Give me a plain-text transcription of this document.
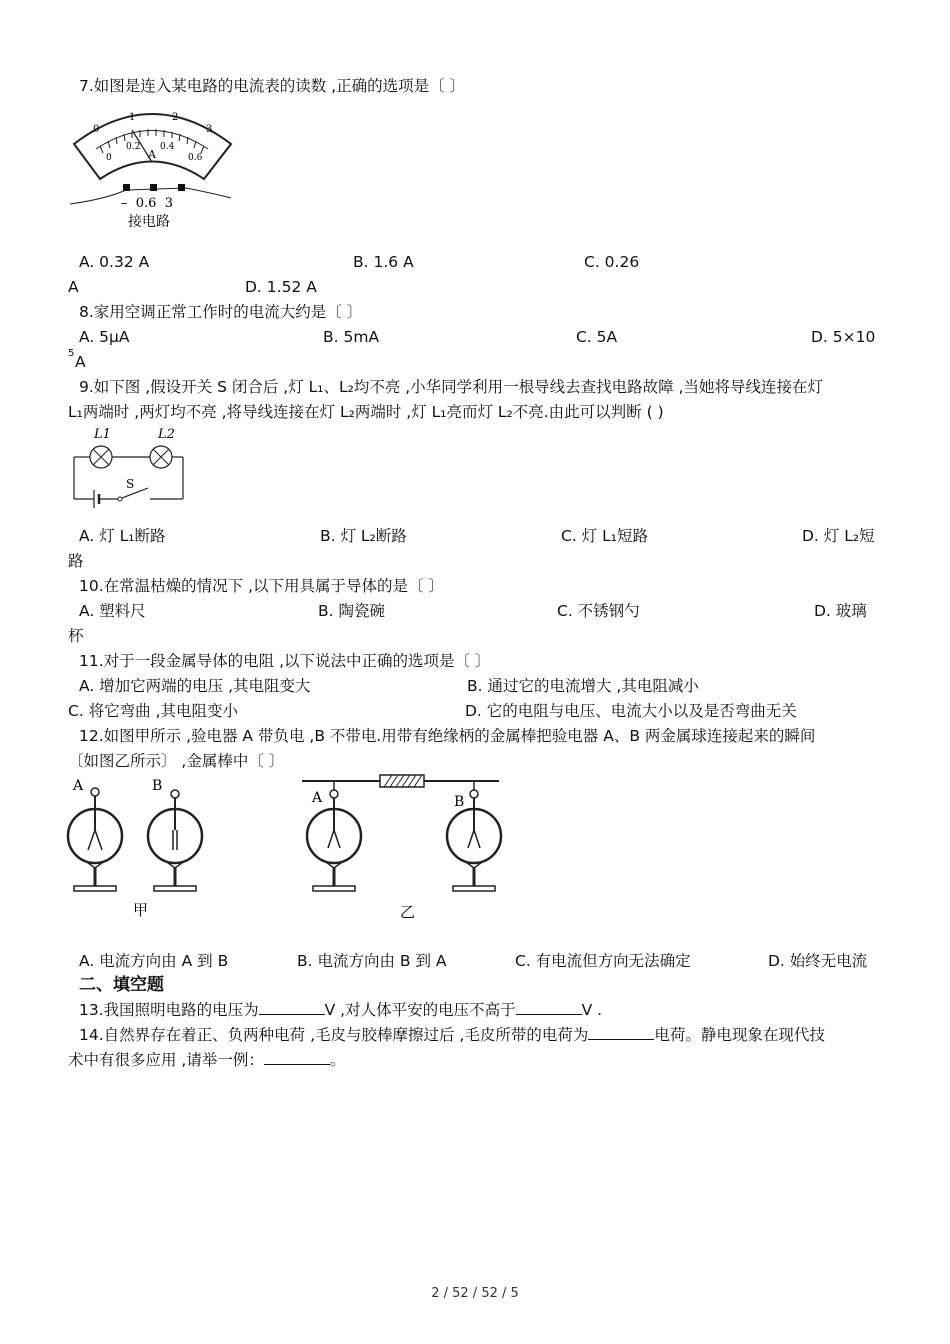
7.如图是连入某电路的电流表的读数 ,正确的选项是〔 〕
0
1	2
3
0
0.2 0.4
0.6
A
–  0.6  3
接电路
A. 0.32 A	B. 1.6 A	C. 0.26
A	D. 1.52 A
8.家用空调正常工作时的电流大约是〔 〕
A. 5μA	B. 5mA	C. 5A	D. 5×10
5 A
9.如下图 ,假设开关 S 闭合后 ,灯 L₁、L₂均不亮 ,小华同学利用一根导线去查找电路故障 ,当她将导线连接在灯
L₁两端时 ,两灯均不亮 ,将导线连接在灯 L₂两端时 ,灯 L₁亮而灯 L₂不亮.由此可以判断 ( )
L1	L2
S
A. 灯 L₁断路	B. 灯 L₂断路	C. 灯 L₁短路	D. 灯 L₂短
路
10.在常温枯燥的情况下 ,以下用具属于导体的是〔 〕
A. 塑料尺	B. 陶瓷碗	C. 不锈钢勺	D. 玻璃
杯
11.对于一段金属导体的电阻 ,以下说法中正确的选项是〔 〕
A. 增加它两端的电压 ,其电阻变大	B. 通过它的电流增大 ,其电阻减小
C. 将它弯曲 ,其电阻变小	D. 它的电阻与电压、电流大小以及是否弯曲无关
12.如图甲所示 ,验电器 A 带负电 ,B 不带电.用带有绝缘柄的金属棒把验电器 A、B 两金属球连接起来的瞬间
〔如图乙所示〕 ,金属棒中〔 〕
A	B
甲
A	B
乙
A. 电流方向由 A 到 B	B. 电流方向由 B 到 A	C. 有电流但方向无法确定	D. 始终无电流
二、填空题
13.我国照明电路的电压为	V ,对人体平安的电压不高于	V .
14.自然界存在着正、负两种电荷 ,毛皮与胶棒摩擦过后 ,毛皮所带的电荷为	电荷。静电现象在现代技
术中有很多应用 ,请举一例：	。
2 / 52 / 52 / 5
